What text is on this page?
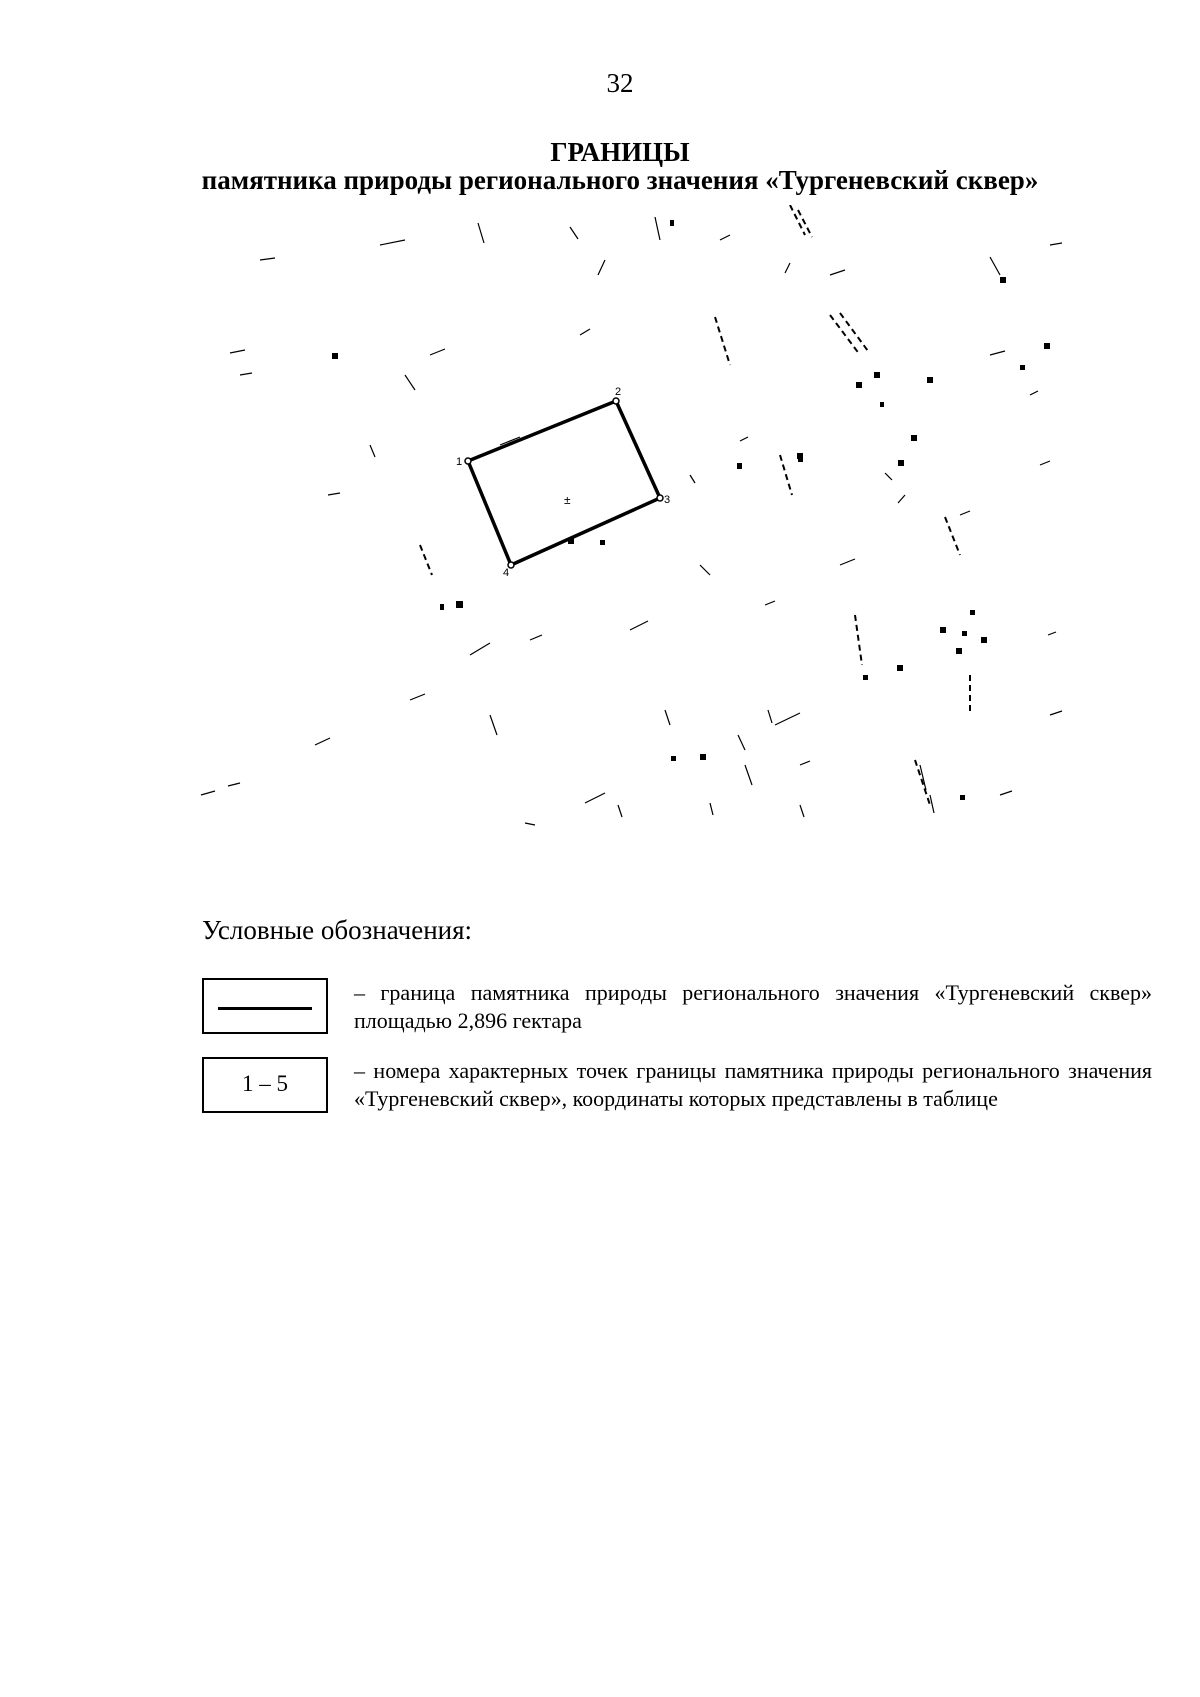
32
ГРАНИЦЫ
памятника природы регионального значения «Тургеневский сквер»
1
2
3
4
±
Условные обозначения:
– граница памятника природы регионального значения «Тургеневский сквер» площадью 2,896 гектара
1 – 5
– номера характерных точек границы памятника природы регионального значения «Тургеневский сквер», координаты которых представлены в таблице
